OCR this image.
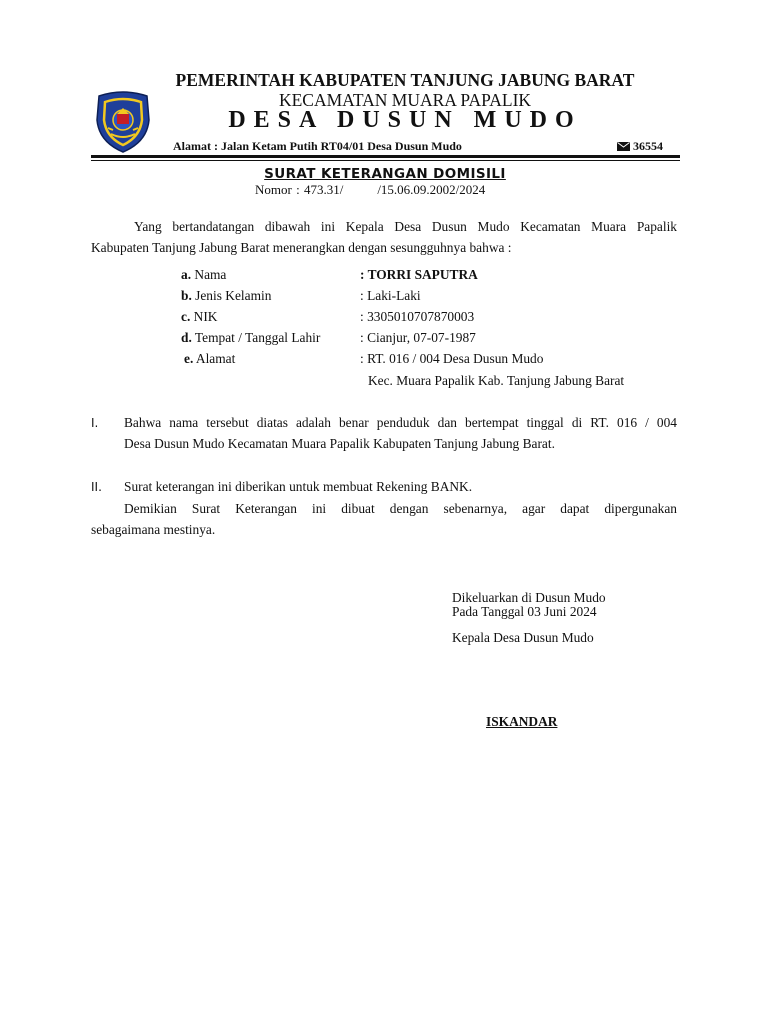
PEMERINTAH KABUPATEN TANJUNG JABUNG BARAT
KECAMATAN MUARA PAPALIK
DESA DUSUN MUDO
Alamat : Jalan Ketam Putih RT04/01 Desa Dusun Mudo	36554
SURAT KETERANGAN DOMISILI
Nomor : 473.31/	/15.06.09.2002/2024
Yang bertandatangan dibawah ini Kepala Desa Dusun Mudo Kecamatan Muara Papalik
Kabupaten Tanjung Jabung Barat menerangkan dengan sesungguhnya bahwa :
a. Nama	: TORRI SAPUTRA
b. Jenis Kelamin	: Laki-Laki
c. NIK	: 3305010707870003
d. Tempat / Tanggal Lahir	: Cianjur, 07-07-1987
e. Alamat	: RT. 016 / 004 Desa Dusun Mudo
Kec. Muara Papalik Kab. Tanjung Jabung Barat
I. Bahwa nama tersebut diatas adalah benar penduduk dan bertempat tinggal di RT. 016 / 004
Desa Dusun Mudo Kecamatan Muara Papalik Kabupaten Tanjung Jabung Barat.
II. Surat keterangan ini diberikan untuk membuat Rekening BANK.
Demikian Surat Keterangan ini dibuat dengan sebenarnya, agar dapat dipergunakan
sebagaimana mestinya.
Dikeluarkan di Dusun Mudo
Pada Tanggal 03 Juni 2024
Kepala Desa Dusun Mudo
ISKANDAR
